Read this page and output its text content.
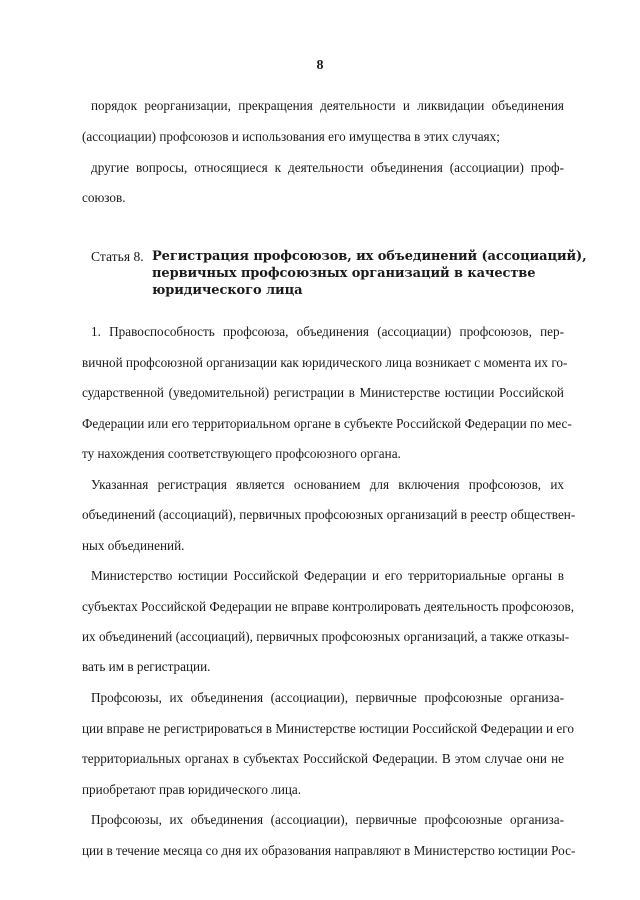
8
порядок реорганизации, прекращения деятельности и ликвидации объединения
(ассоциации) профсоюзов и использования его имущества в этих случаях;
другие вопросы, относящиеся к деятельности объединения (ассоциации) проф-
союзов.
Статья 8. Регистрация профсоюзов, их объединений (ассоциаций),
первичных профсоюзных организаций в качестве
юридического лица
1. Правоспособность профсоюза, объединения (ассоциации) профсоюзов, пер-
вичной профсоюзной организации как юридического лица возникает с момента их го-
сударственной (уведомительной) регистрации в Министерстве юстиции Российской
Федерации или его территориальном органе в субъекте Российской Федерации по мес-
ту нахождения соответствующего профсоюзного органа.
Указанная регистрация является основанием для включения профсоюзов, их
объединений (ассоциаций), первичных профсоюзных организаций в реестр обществен-
ных объединений.
Министерство юстиции Российской Федерации и его территориальные органы в
субъектах Российской Федерации не вправе контролировать деятельность профсоюзов,
их объединений (ассоциаций), первичных профсоюзных организаций, а также отказы-
вать им в регистрации.
Профсоюзы, их объединения (ассоциации), первичные профсоюзные организа-
ции вправе не регистрироваться в Министерстве юстиции Российской Федерации и его
территориальных органах в субъектах Российской Федерации. В этом случае они не
приобретают прав юридического лица.
Профсоюзы, их объединения (ассоциации), первичные профсоюзные организа-
ции в течение месяца со дня их образования направляют в Министерство юстиции Рос-
